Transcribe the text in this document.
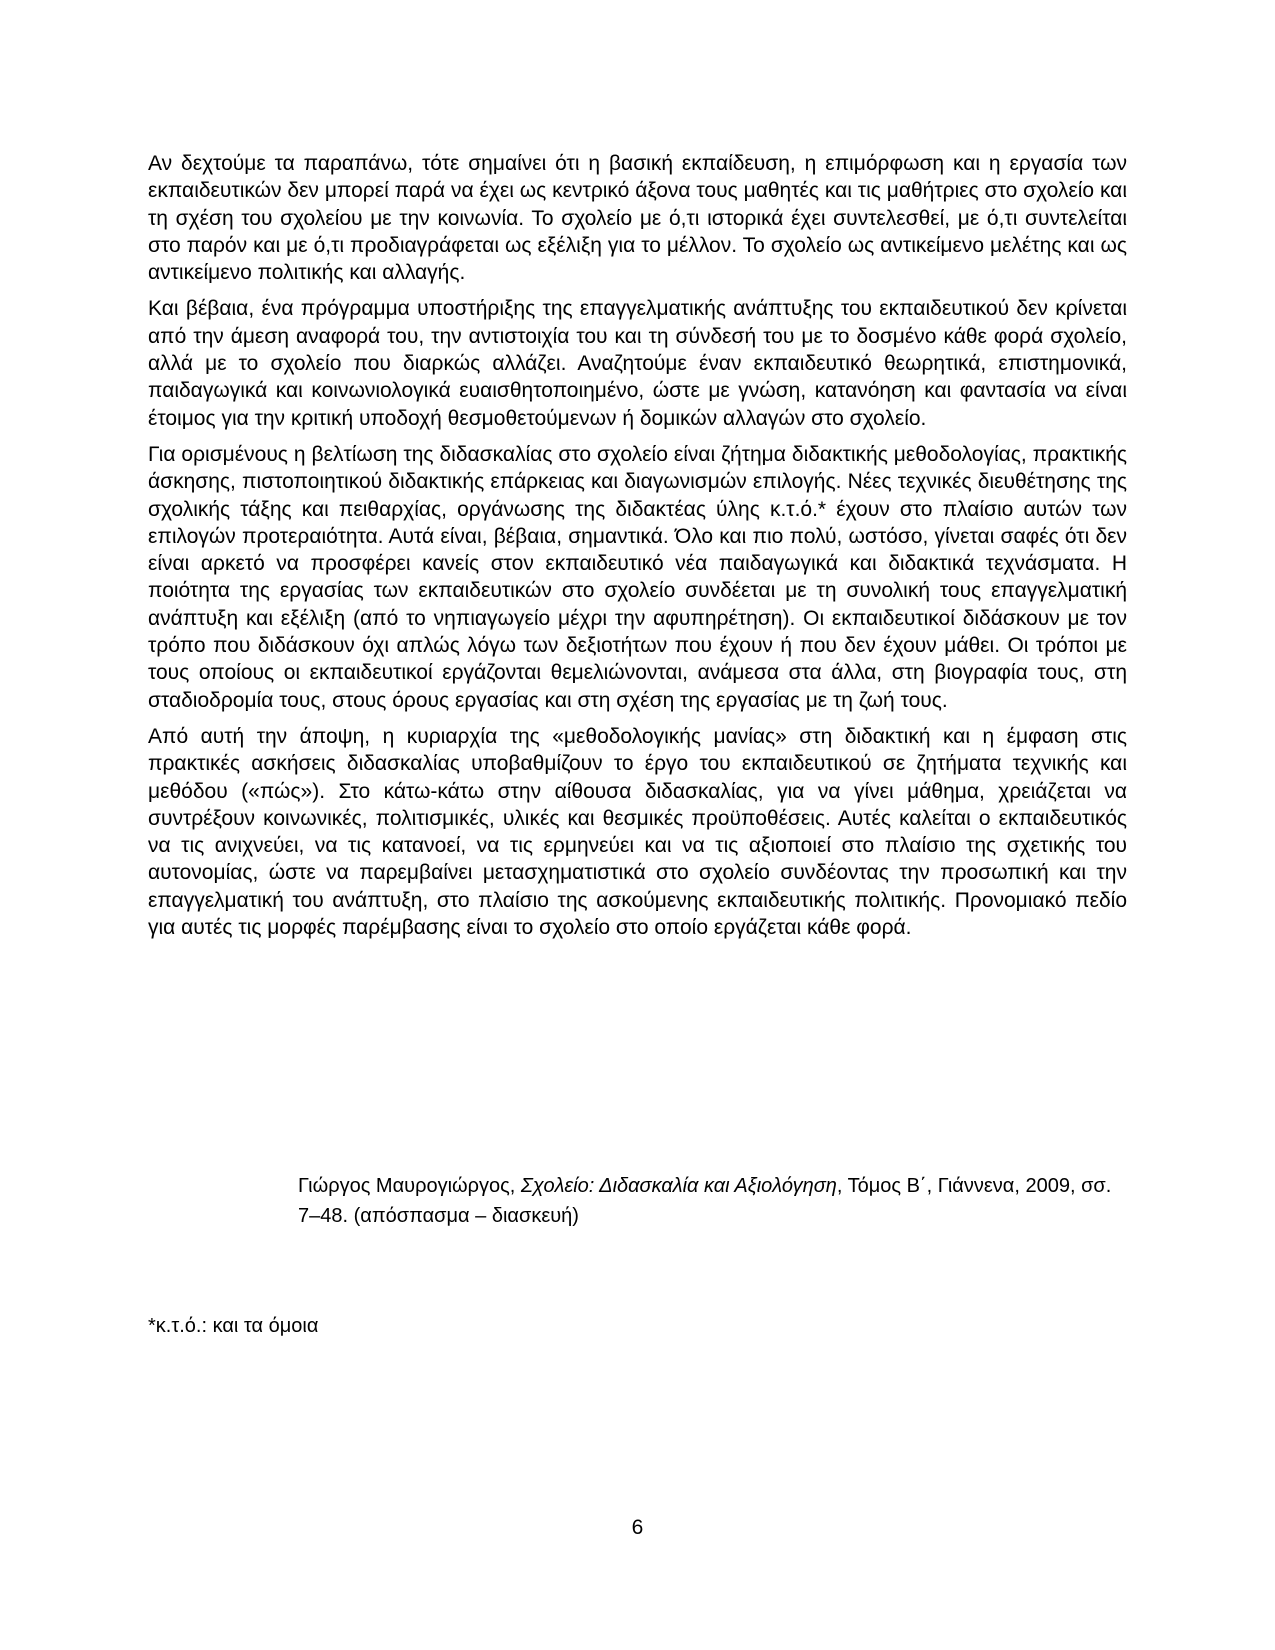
Αν δεχτούμε τα παραπάνω, τότε σημαίνει ότι η βασική εκπαίδευση, η επιμόρφωση και η εργασία των εκπαιδευτικών δεν μπορεί παρά να έχει ως κεντρικό άξονα τους μαθητές και τις μαθήτριες στο σχολείο και τη σχέση του σχολείου με την κοινωνία. Το σχολείο με ό,τι ιστορικά έχει συντελεσθεί, με ό,τι συντελείται στο παρόν και με ό,τι προδιαγράφεται ως εξέλιξη για το μέλλον. Το σχολείο ως αντικείμενο μελέτης και ως αντικείμενο πολιτικής και αλλαγής.

Και βέβαια, ένα πρόγραμμα υποστήριξης της επαγγελματικής ανάπτυξης του εκπαιδευτικού δεν κρίνεται από την άμεση αναφορά του, την αντιστοιχία του και τη σύνδεσή του με το δοσμένο κάθε φορά σχολείο, αλλά με το σχολείο που διαρκώς αλλάζει. Αναζητούμε έναν εκπαιδευτικό θεωρητικά, επιστημονικά, παιδαγωγικά και κοινωνιολογικά ευαισθητοποιημένο, ώστε με γνώση, κατανόηση και φαντασία να είναι έτοιμος για την κριτική υποδοχή θεσμοθετούμενων ή δομικών αλλαγών στο σχολείο.

Για ορισμένους η βελτίωση της διδασκαλίας στο σχολείο είναι ζήτημα διδακτικής μεθοδολογίας, πρακτικής άσκησης, πιστοποιητικού διδακτικής επάρκειας και διαγωνισμών επιλογής. Νέες τεχνικές διευθέτησης της σχολικής τάξης και πειθαρχίας, οργάνωσης της διδακτέας ύλης κ.τ.ό.* έχουν στο πλαίσιο αυτών των επιλογών προτεραιότητα. Αυτά είναι, βέβαια, σημαντικά. Όλο και πιο πολύ, ωστόσο, γίνεται σαφές ότι δεν είναι αρκετό να προσφέρει κανείς στον εκπαιδευτικό νέα παιδαγωγικά και διδακτικά τεχνάσματα. Η ποιότητα της εργασίας των εκπαιδευτικών στο σχολείο συνδέεται με τη συνολική τους επαγγελματική ανάπτυξη και εξέλιξη (από το νηπιαγωγείο μέχρι την αφυπηρέτηση). Οι εκπαιδευτικοί διδάσκουν με τον τρόπο που διδάσκουν όχι απλώς λόγω των δεξιοτήτων που έχουν ή που δεν έχουν μάθει. Οι τρόποι με τους οποίους οι εκπαιδευτικοί εργάζονται θεμελιώνονται, ανάμεσα στα άλλα, στη βιογραφία τους, στη σταδιοδρομία τους, στους όρους εργασίας και στη σχέση της εργασίας με τη ζωή τους.

Από αυτή την άποψη, η κυριαρχία της «μεθοδολογικής μανίας» στη διδακτική και η έμφαση στις πρακτικές ασκήσεις διδασκαλίας υποβαθμίζουν το έργο του εκπαιδευτικού σε ζητήματα τεχνικής και μεθόδου («πώς»). Στο κάτω-κάτω στην αίθουσα διδασκαλίας, για να γίνει μάθημα, χρειάζεται να συντρέξουν κοινωνικές, πολιτισμικές, υλικές και θεσμικές προϋποθέσεις. Αυτές καλείται ο εκπαιδευτικός να τις ανιχνεύει, να τις κατανοεί, να τις ερμηνεύει και να τις αξιοποιεί στο πλαίσιο της σχετικής του αυτονομίας, ώστε να παρεμβαίνει μετασχηματιστικά στο σχολείο συνδέοντας την προσωπική και την επαγγελματική του ανάπτυξη, στο πλαίσιο της ασκούμενης εκπαιδευτικής πολιτικής. Προνομιακό πεδίο για αυτές τις μορφές παρέμβασης είναι το σχολείο στο οποίο εργάζεται κάθε φορά.

Γιώργος Μαυρογιώργος, Σχολείο: Διδασκαλία και Αξιολόγηση, Τόμος Β΄, Γιάννενα, 2009, σσ. 7–48. (απόσπασμα – διασκευή)

*κ.τ.ό.: και τα όμοια

6
